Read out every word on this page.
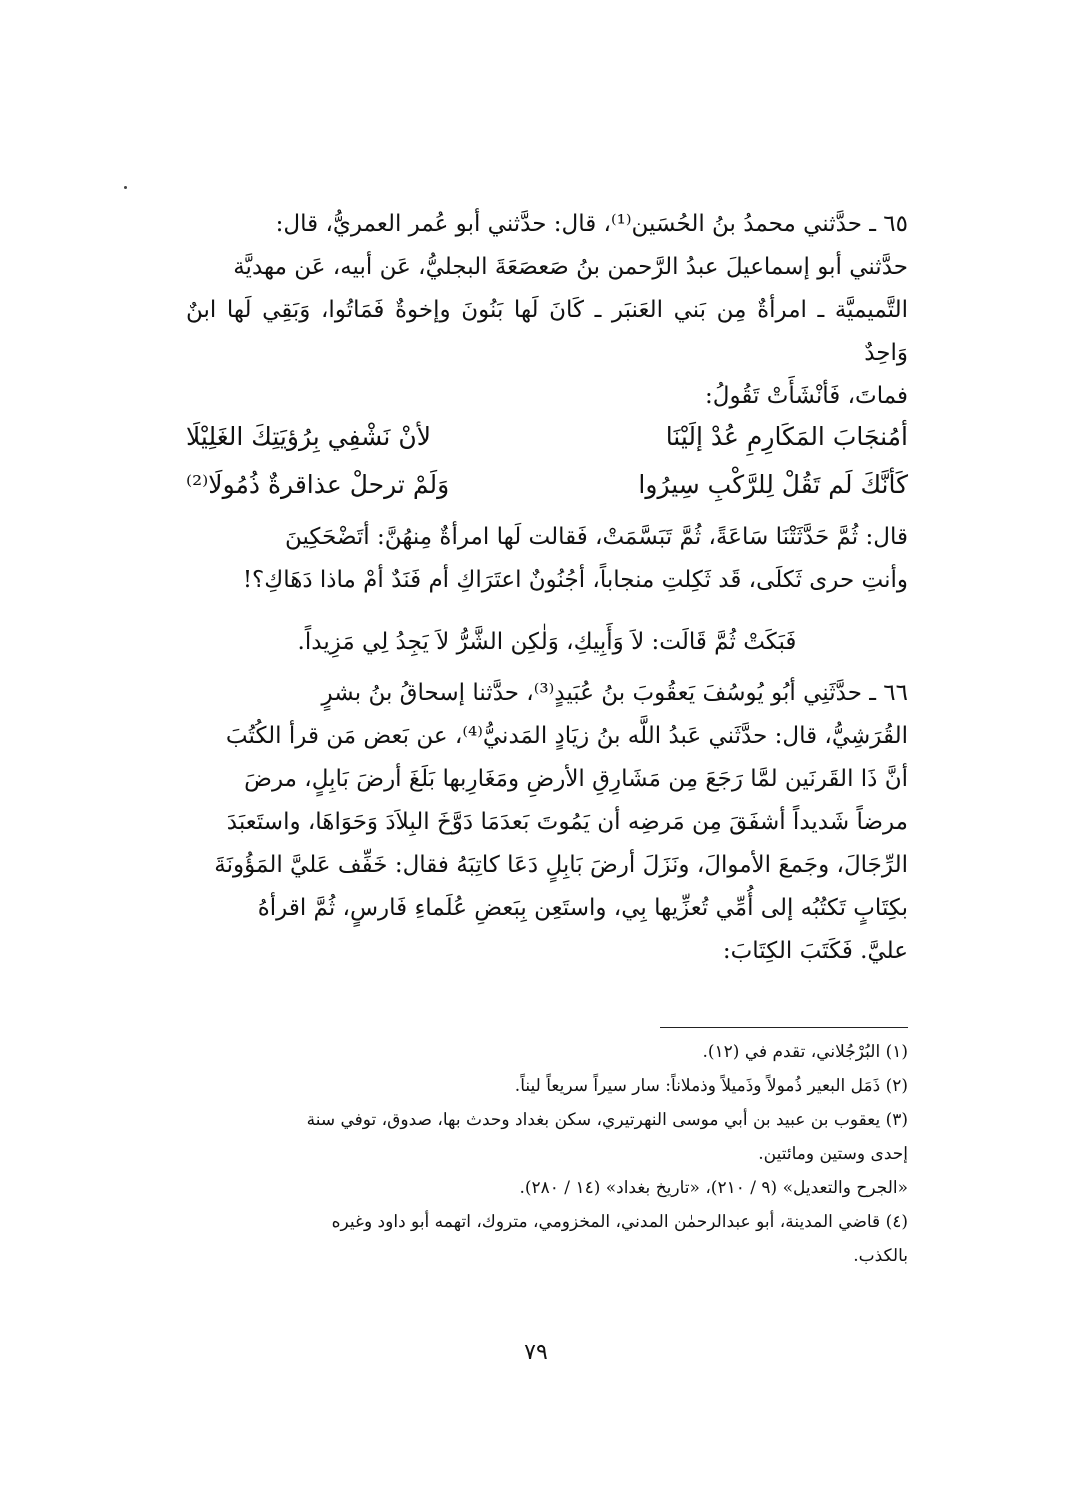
٦٥ ـ حدَّثني محمدُ بنُ الحُسَين⁽¹⁾، قال: حدَّثني أبو عُمر العمريُّ، قال:
حدَّثني أبو إسماعيلَ عبدُ الرَّحمن بنُ صَعصَعَةَ البجليُّ، عَن أبيه، عَن مهديَّة
التَّميميَّة ـ امرأةٌ مِن بَني العَنبَر ـ كَانَ لَها بَنُونَ وإخوةٌ فَمَاتُوا، وَبَقِي لَها ابنٌ وَاحِدٌ
فماتَ، فَأنْشَأَتْ تَقُولُ:
أمُنجَابَ المَكَارِمِ عُدْ إلَيْنَا
لأنْ نَشْفِي بِرُؤيَتِكَ الغَلِيْلَا
كَأنَّكَ لَم تَقُلْ لِلرَّكْبِ سِيرُوا
وَلَمْ ترحلْ عذاقرةٌ ذُمُولَا⁽²⁾
قال: ثُمَّ حَدَّثَتْنَا سَاعَةً، ثُمَّ تَبَسَّمَتْ، فَقالت لَها امرأةٌ مِنهُنَّ: أتَضْحَكِينَ
وأنتِ حرى ثَكلَى، قَد ثَكِلتِ منجاباً، أجُنُونٌ اعتَرَاكِ أم فَنَدٌ أمْ ماذا دَهَاكِ؟!
فَبَكَتْ ثُمَّ قَالَت: لاَ وَأَبِيكِ، وَلٰكِن الشَّرُّ لاَ يَجِدُ لِي مَزِيداً.
٦٦ ـ حدَّثَنِي أبُو يُوسُفَ يَعقُوبَ بنُ عُبَيدٍ⁽³⁾، حدَّثنا إسحاقُ بنُ بشرٍ
القُرَشِيُّ، قال: حدَّثَني عَبدُ اللَّه بنُ زيَادٍ المَدنيُّ⁽⁴⁾، عن بَعض مَن قرأ الكُتُبَ
أنَّ ذَا القَرنَين لمَّا رَجَعَ مِن مَشَارِقِ الأرضِ ومَغَارِبها بَلَغَ أرضَ بَابِلٍ، مرضَ
مرضاً شَديداً أشفَقَ مِن مَرضِه أن يَمُوتَ بَعدَمَا دَوَّخَ البِلاَدَ وَحَوَاهَا، واستَعبَدَ
الرِّجَالَ، وجَمعَ الأموالَ، ونَزَلَ أرضَ بَابِلٍ دَعَا كاتِبَهُ فقال: خَفِّف عَليَّ المَؤُونَةَ
بكِتَابٍ تَكتُبُه إلى أُمِّي تُعزِّيها بِي، واستَعِن بِبَعضِ عُلَماءِ فَارسٍ، ثُمَّ اقرأهُ
عليَّ. فَكَتَبَ الكِتَابَ:

(١) البُرْجُلاني، تقدم في (١٢).

(٢) ذَمَل البعير ذُمولاً وذَميلاً وذملاناً: سار سيراً سريعاً ليناً.

(٣) يعقوب بن عبيد بن أبي موسى النهرتيري، سكن بغداد وحدث بها، صدوق، توفي سنة

إحدى وستين ومائتين.

«الجرح والتعديل» (٩ / ٢١٠)، «تاريخ بغداد» (١٤ / ٢٨٠).

(٤) قاضي المدينة، أبو عبدالرحمٰن المدني، المخزومي، متروك، اتهمه أبو داود وغيره

بالكذب.

٧٩
